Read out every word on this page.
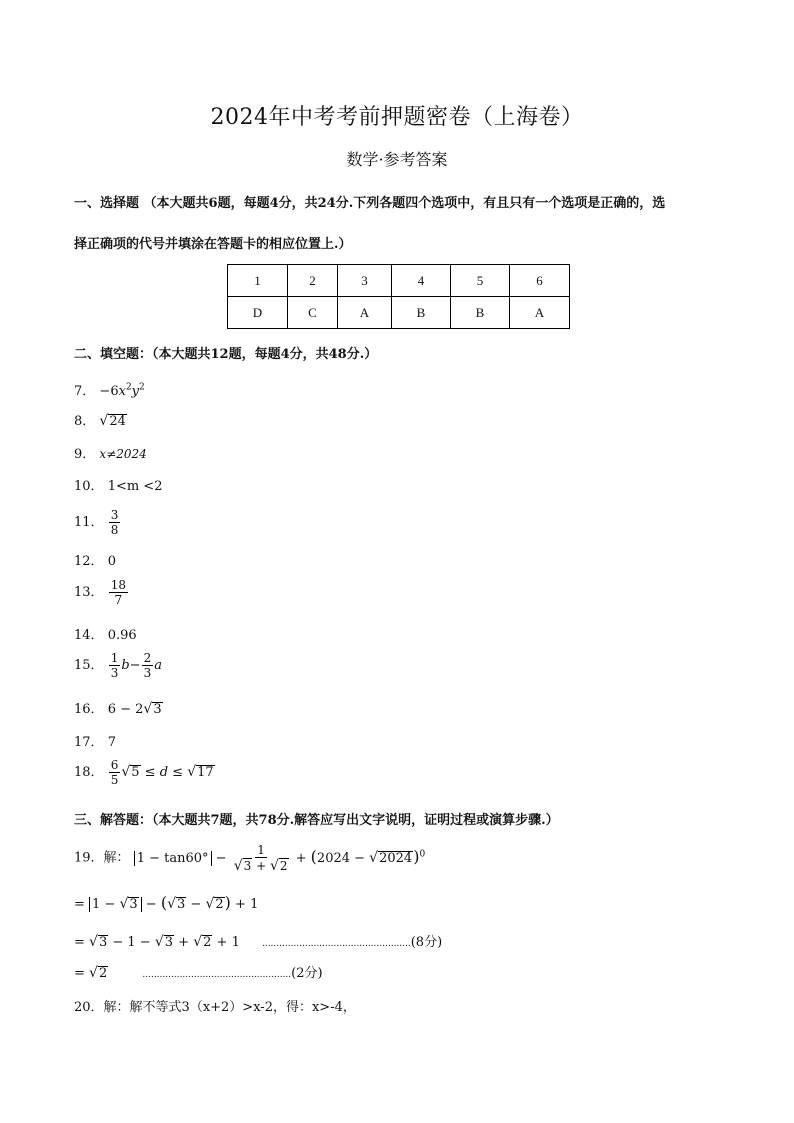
2024年中考考前押题密卷（上海卷）
数学·参考答案
一、选择题 （本大题共6题，每题4分，共24分.下列各题四个选项中，有且只有一个选项是正确的，选
择正确项的代号并填涂在答题卡的相应位置上.）
1	2	3	4	5	6
D	C	A	B	B	A
二、填空题：（本大题共12题，每题4分，共48分.）
7． $-6x^2y^2$
8． √ 24
9． x≠2024
10． 1<m <2
11． $\frac{3}{8}$
12． 0
13． $\frac{18}{7}$
14． 0.96
15． $\frac{1}{3} b- \frac{2}{3}$ a
16． 6 − 2 √ 3
17． 7
18． $\frac{6}{5}$ √ 5 ≤ d ≤ √ 17
三、解答题：（本大题共7题，共78分.解答应写出文字说明，证明过程或演算步骤.）
19．解： $1 - \tan 60^\circ - \frac{1}{√ 3 + √ 2} + (2024$ − √ 2024 )$^0$
= 1 − √ 3 − ( √ 3 − √ 2 ) + 1
= √ 3 − 1 − √ 3 + √ 2 + 1 ....................................................(8分)
= √ 2	....................................................(2分)
20．解：解不等式3（x+2）>x-2，得：x>-4，
